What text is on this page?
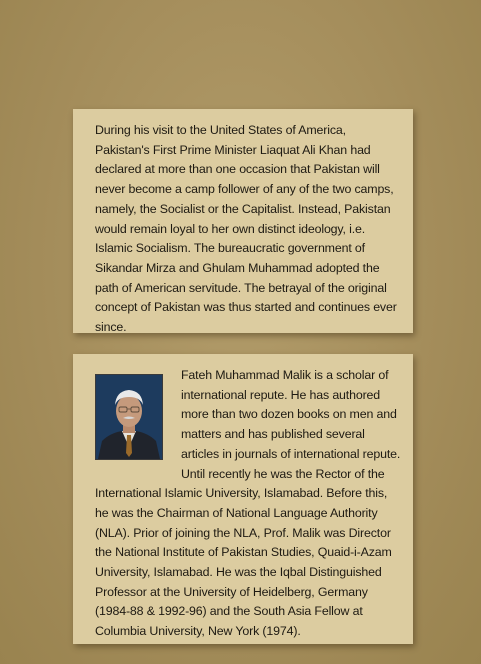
During his visit to the United States of America, Pakistan's First Prime Minister Liaquat Ali Khan had declared at more than one occasion that Pakistan will never become a camp follower of any of the two camps, namely, the Socialist or the Capitalist. Instead, Pakistan would remain loyal to her own distinct ideology, i.e. Islamic Socialism. The bureaucratic government of Sikandar Mirza and Ghulam Muhammad adopted the path of American servitude. The betrayal of the original concept of Pakistan was thus started and continues ever since.

Fateh Muhammad Malik is a scholar of international repute. He has authored more than two dozen books on men and matters and has published several articles in journals of international repute. Until recently he was the Rector of the International Islamic University, Islamabad. Before this, he was the Chairman of National Language Authority (NLA). Prior of joining the NLA, Prof. Malik was Director the National Institute of Pakistan Studies, Quaid-i-Azam University, Islamabad. He was the Iqbal Distinguished Professor at the University of Heidelberg, Germany (1984-88 & 1992-96) and the South Asia Fellow at Columbia University, New York (1974).
